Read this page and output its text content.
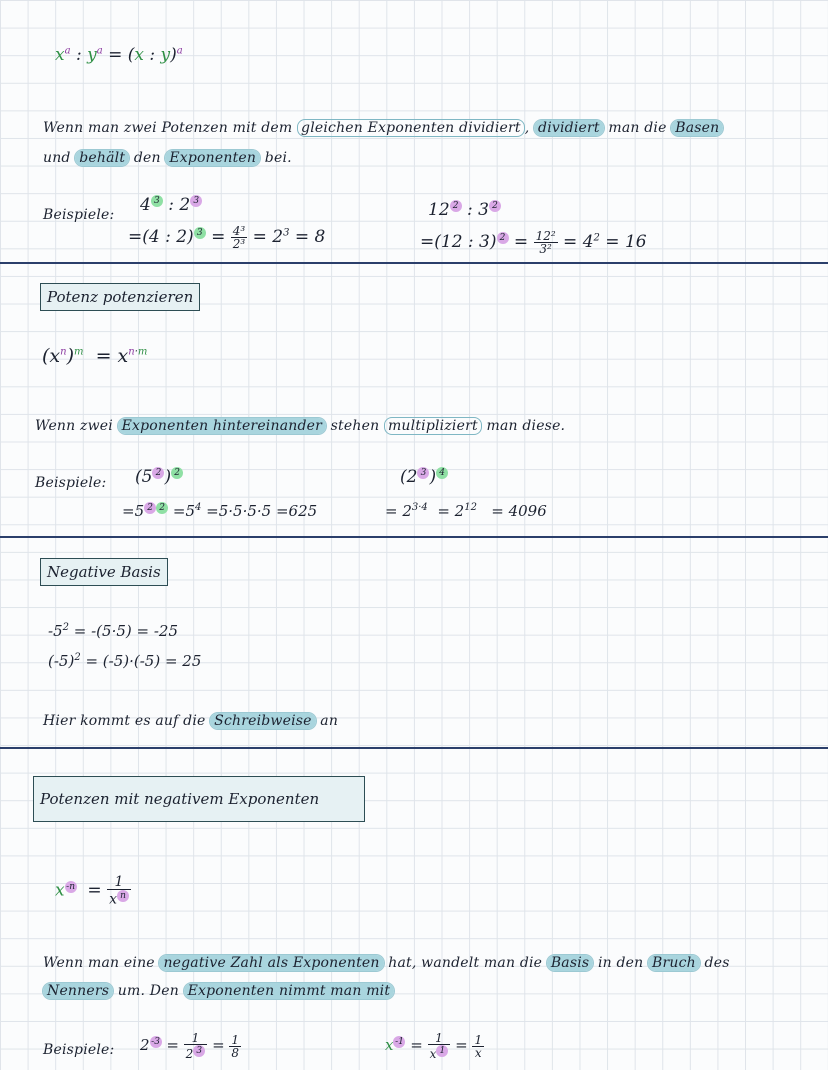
$x^a$ : $y^a = (x$ : y)$^a$
Wenn man zwei Potenzen mit dem gleichen Exponenten dividiert , dividiert man die Basen
und behält den Exponenten bei.
Beispiele: 4 $^3$ : 2 $^3$
=(4 : 2) $^3 = \frac{\text{4³}}{\text{2³}} = 2^3 = 8$
12 $^2$ : 3 $^2$
=(12 : 3) $^2 = \frac{\text{12²}}{\text{3²}} = 4^2 = 16$
Potenz potenzieren
$(x^n)^m = x^{n\cdot m}$
Wenn zwei Exponenten hintereinander stehen multipliziert man diese.
Beispiele: (5 $^2$ ) $^2$
=5 $^{2 2} =5^4 =5\cdot 5\cdot 5\cdot 5 =625$
(2 $^3$ ) $^4$
= $2^{3\cdot 4} = 2^{12} = 4096$
Negative Basis
$-5^2 = -(5\cdot 5) = -25$
$(-5)^2 = (-5)\cdot(-5) = 25$
Hier kommt es auf die Schreibweise an
Potenzen mit negativem Exponenten
x $^{-n} = \frac{1}{x ^n}$
Wenn man eine negative Zahl als Exponenten hat, wandelt man die Basis in den Bruch des
Nenners um. Den Exponenten nimmt man mit
Beispiele: 2 $^{-3} = \frac{1}{2 ^3} = \frac{1}{8}$	x $^{-1} = \frac{1}{x ^1} = \frac{1}{x}$
